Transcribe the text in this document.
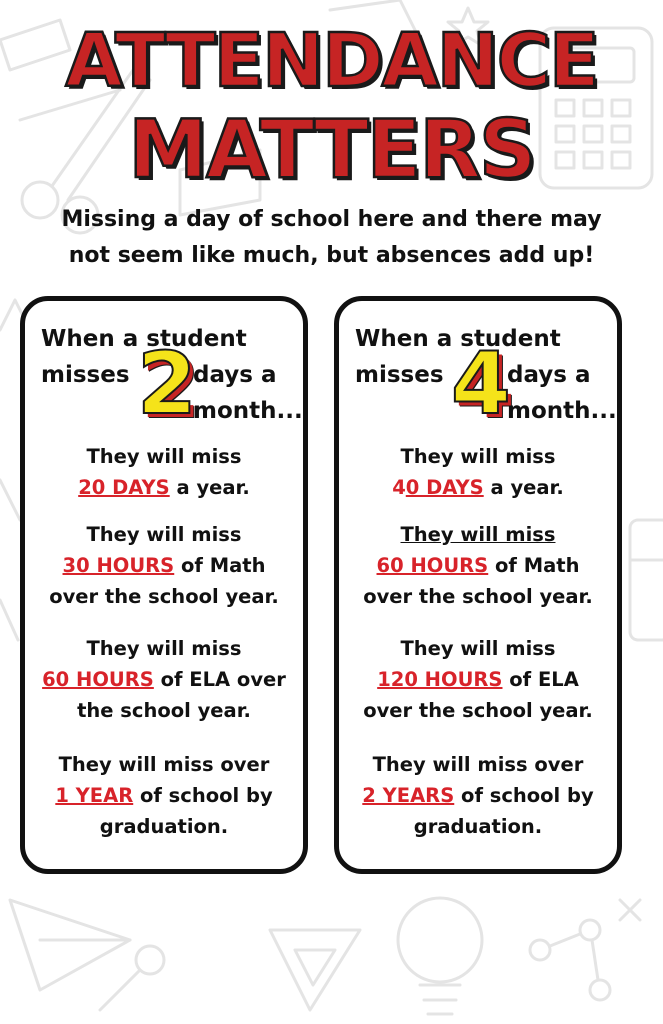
ATTENDANCE
MATTERS
Missing a day of school here and there may
not seem like much, but absences add up!
When a student
misses 2
days a
month...
They will miss
20 DAYS a year.
They will miss
30 HOURS of Math
over the school year.
They will miss
60 HOURS of ELA over
the school year.
They will miss over
1 YEAR of school by
graduation.
When a student
misses 4
days a
month...
They will miss
40 DAYS a year.
They will miss
60 HOURS of Math
over the school year.
They will miss
120 HOURS of ELA
over the school year.
They will miss over
2 YEARS of school by
graduation.
